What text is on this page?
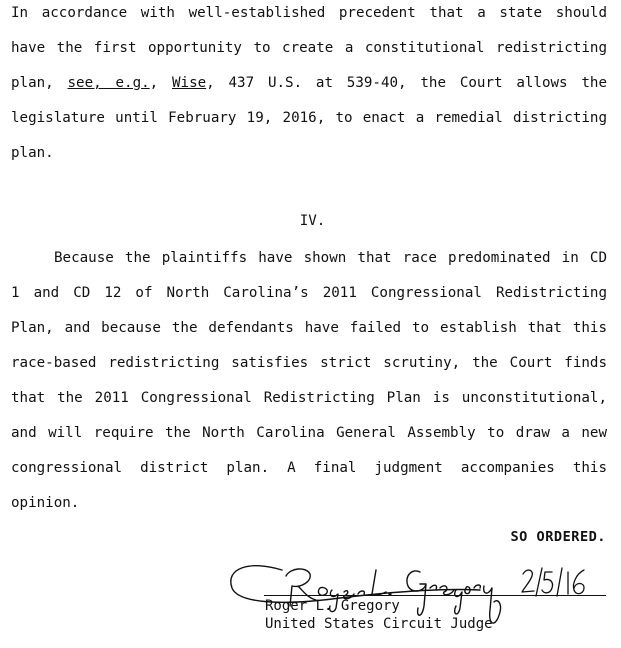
In accordance with well-established precedent that a state should have the first opportunity to create a constitutional redistricting plan, see, e.g., Wise, 437 U.S. at 539-40, the Court allows the legislature until February 19, 2016, to enact a remedial districting plan.

IV.

Because the plaintiffs have shown that race predominated in CD 1 and CD 12 of North Carolina’s 2011 Congressional Redistricting Plan, and because the defendants have failed to establish that this race-based redistricting satisfies strict scrutiny, the Court finds that the 2011 Congressional Redistricting Plan is unconstitutional, and will require the North Carolina General Assembly to draw a new congressional district plan. A final judgment accompanies this opinion.

SO ORDERED.
Roger L. Gregory
United States Circuit Judge
